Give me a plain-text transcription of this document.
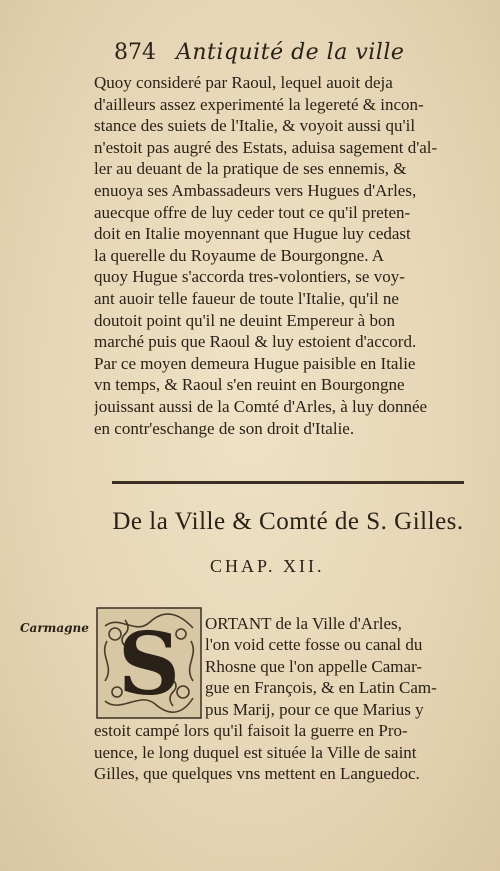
874 Antiquité de la ville
Quoy consideré par Raoul, lequel auoit deja
d'ailleurs assez experimenté la legereté & incon-
stance des suiets de l'Italie, & voyoit aussi qu'il
n'estoit pas augré des Estats, aduisa sagement d'al-
ler au deuant de la pratique de ses ennemis, &
enuoya ses Ambassadeurs vers Hugues d'Arles,
auecque offre de luy ceder tout ce qu'il preten-
doit en Italie moyennant que Hugue luy cedast
la querelle du Royaume de Bourgongne. A
quoy Hugue s'accorda tres-volontiers, se voy-
ant auoir telle faueur de toute l'Italie, qu'il ne
doutoit point qu'il ne deuint Empereur à bon
marché puis que Raoul & luy estoient d'accord.
Par ce moyen demeura Hugue paisible en Italie
vn temps, & Raoul s'en reuint en Bourgongne
jouissant aussi de la Comté d'Arles, à luy donnée
en contr'eschange de son droit d'Italie.
De la Ville & Comté de S. Gilles.
CHAP. XII.
Carmagne S ORTANT de la Ville d'Arles,
l'on void cette fosse ou canal du
Rhosne que l'on appelle Camar-
gue en François, & en Latin Cam-
pus Marij, pour ce que Marius y
estoit campé lors qu'il faisoit la guerre en Pro-
uence, le long duquel est située la Ville de saint
Gilles, que quelques vns mettent en Languedoc.
